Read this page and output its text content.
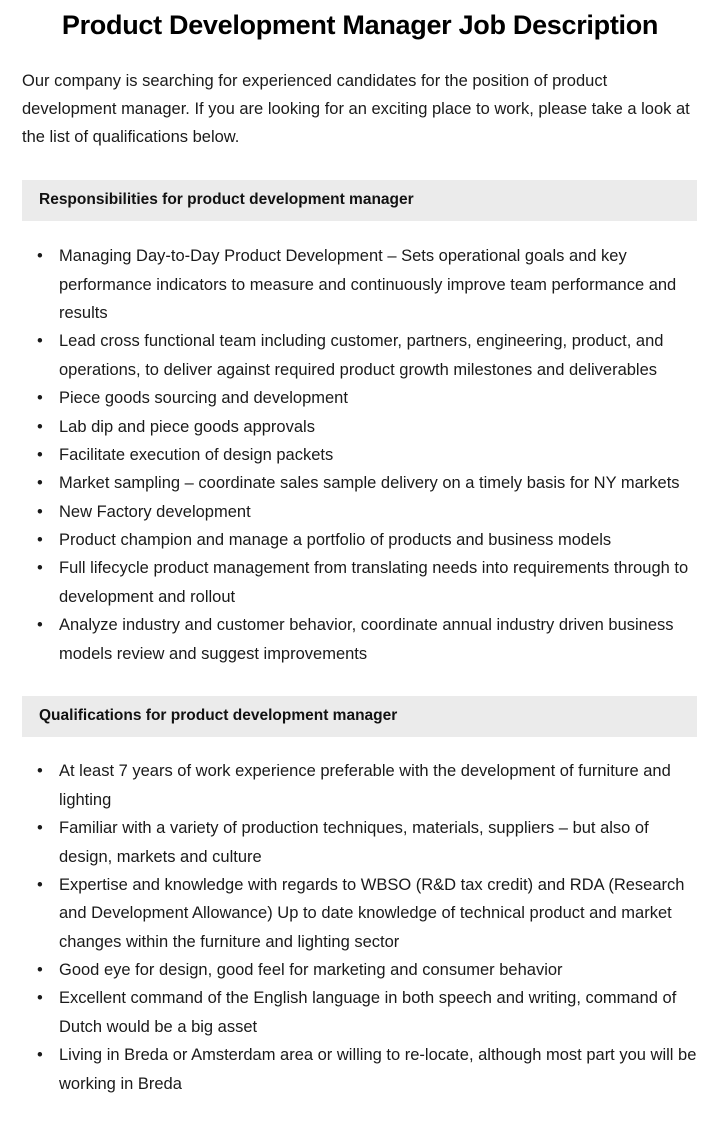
Product Development Manager Job Description

Our company is searching for experienced candidates for the position of product development manager. If you are looking for an exciting place to work, please take a look at the list of qualifications below.

Responsibilities for product development manager
• Managing Day-to-Day Product Development – Sets operational goals and key performance indicators to measure and continuously improve team performance and results
• Lead cross functional team including customer, partners, engineering, product, and operations, to deliver against required product growth milestones and deliverables
• Piece goods sourcing and development
• Lab dip and piece goods approvals
• Facilitate execution of design packets
• Market sampling – coordinate sales sample delivery on a timely basis for NY markets
• New Factory development
• Product champion and manage a portfolio of products and business models
• Full lifecycle product management from translating needs into requirements through to development and rollout
• Analyze industry and customer behavior, coordinate annual industry driven business models review and suggest improvements
Qualifications for product development manager
• At least 7 years of work experience preferable with the development of furniture and lighting
• Familiar with a variety of production techniques, materials, suppliers – but also of design, markets and culture
• Expertise and knowledge with regards to WBSO (R&D tax credit) and RDA (Research and Development Allowance) Up to date knowledge of technical product and market changes within the furniture and lighting sector
• Good eye for design, good feel for marketing and consumer behavior
• Excellent command of the English language in both speech and writing, command of Dutch would be a big asset
• Living in Breda or Amsterdam area or willing to re-locate, although most part you will be working in Breda
